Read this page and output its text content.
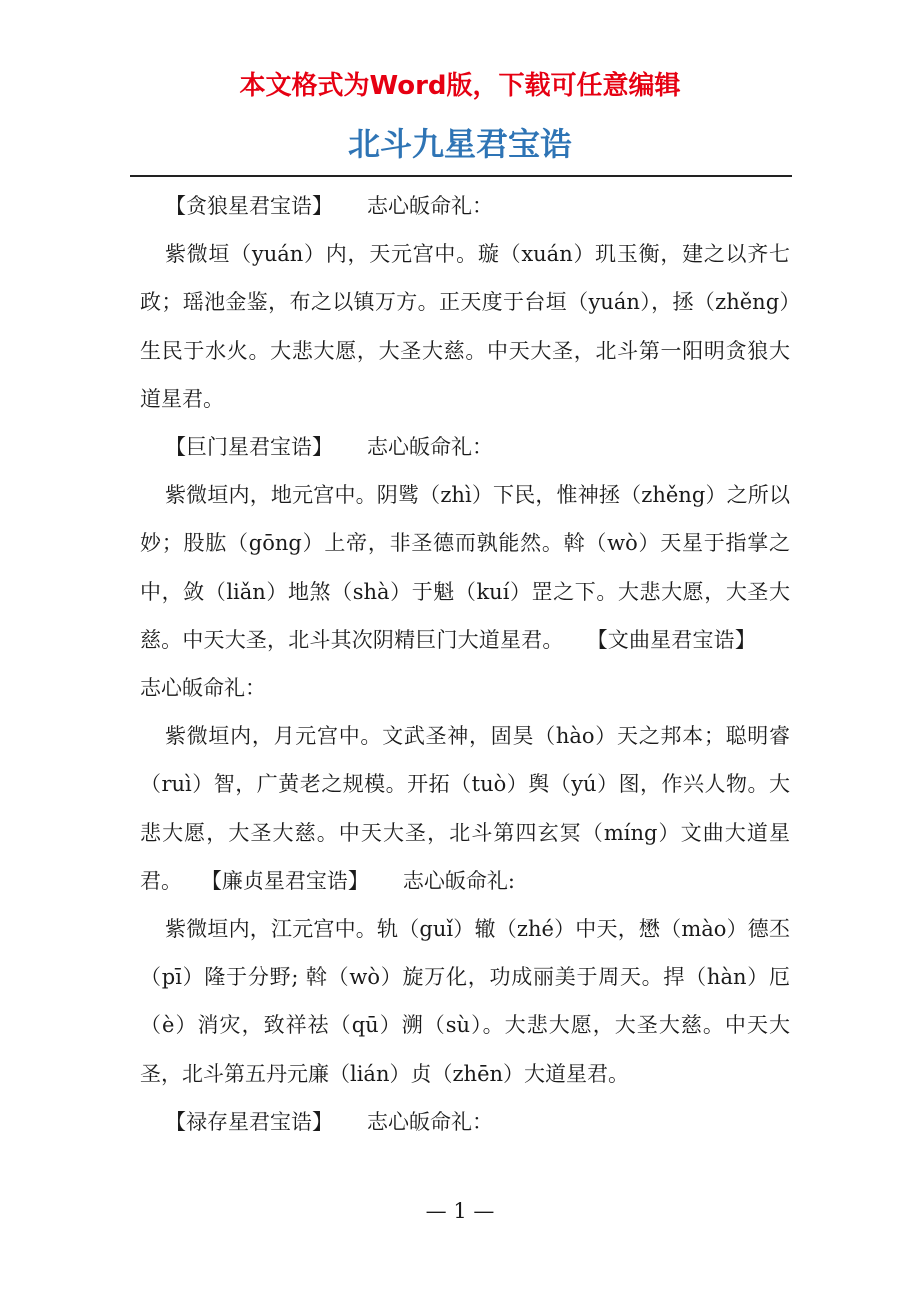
本文格式为Word版，下载可任意编辑
北斗九星君宝诰

【贪狼星君宝诰】 志心皈命礼：

紫微垣（yuán）内，天元宫中。璇（xuán）玑玉衡，建之以齐七政；瑶池金鉴，布之以镇万方。正天度于台垣（yuán），拯（zhěng）生民于水火。大悲大愿，大圣大慈。中天大圣，北斗第一阳明贪狼大道星君。

【巨门星君宝诰】 志心皈命礼：

紫微垣内，地元宫中。阴骘（zhì）下民，惟神拯（zhěng）之所以妙；股肱（gōng）上帝，非圣德而孰能然。斡（wò）天星于指掌之中，敛（liǎn）地煞（shà）于魁（kuí）罡之下。大悲大愿，大圣大慈。中天大圣，北斗其次阴精巨门大道星君。 【文曲星君宝诰】志心皈命礼：

紫微垣内，月元宫中。文武圣神，固昊（hào）天之邦本；聪明睿（ruì）智，广黄老之规模。开拓（tuò）舆（yú）图，作兴人物。大悲大愿，大圣大慈。中天大圣，北斗第四玄冥（míng）文曲大道星君。 【廉贞星君宝诰】 志心皈命礼:

紫微垣内，江元宫中。轨（guǐ）辙（zhé）中天，懋（mào）德丕（pī）隆于分野; 斡（wò）旋万化，功成丽美于周天。捍（hàn）厄（è）消灾，致祥祛（qū）溯（sù）。大悲大愿，大圣大慈。中天大圣，北斗第五丹元廉（lián）贞（zhēn）大道星君。

【禄存星君宝诰】 志心皈命礼：

— 1 —
